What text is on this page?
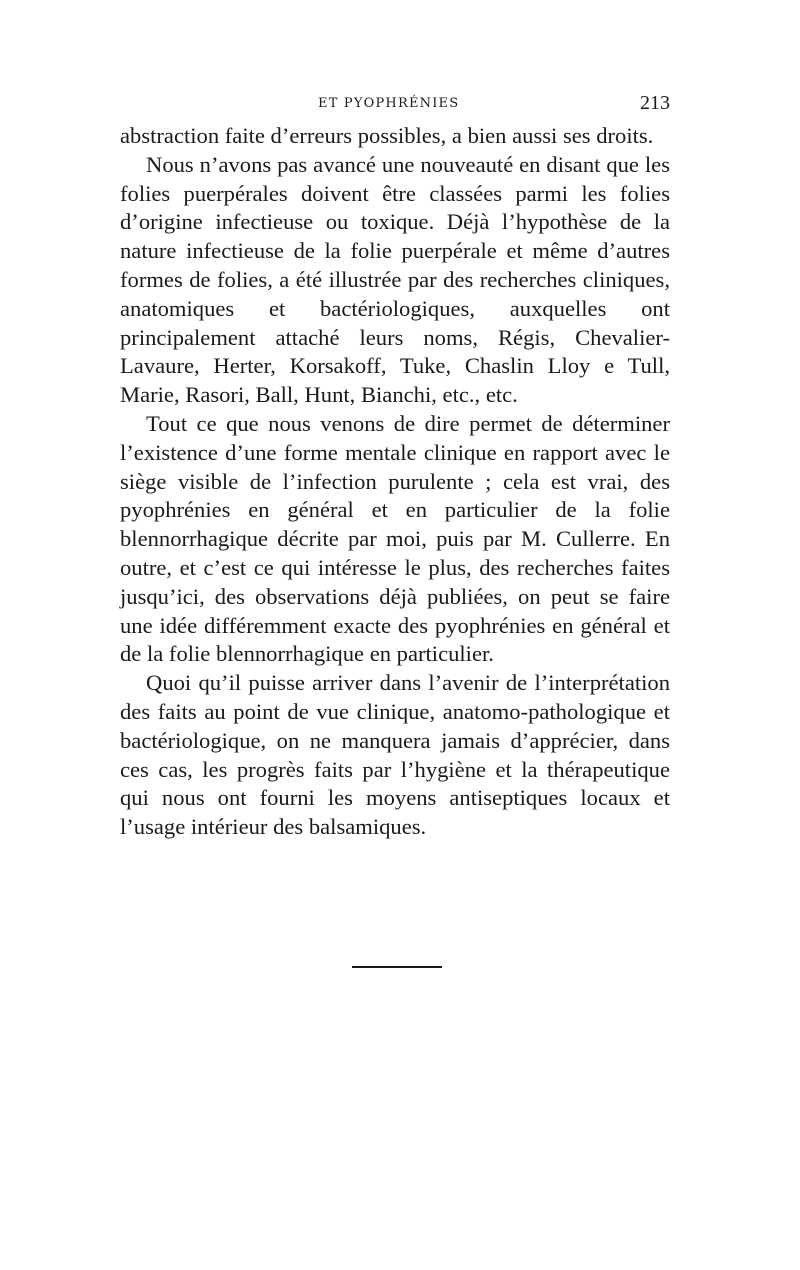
ET PYOPHRÉNIES	213

abstraction faite d’erreurs possibles, a bien aussi ses droits.

Nous n’avons pas avancé une nouveauté en disant que les folies puerpérales doivent être classées parmi les folies d’origine infectieuse ou toxique. Déjà l’hypothèse de la nature infectieuse de la folie puerpérale et même d’autres formes de folies, a été illustrée par des recherches cliniques, anatomiques et bactériologiques, auxquelles ont principalement attaché leurs noms, Régis, Chevalier-Lavaure, Herter, Korsakoff, Tuke, Chaslin Lloy e Tull, Marie, Rasori, Ball, Hunt, Bianchi, etc., etc.

Tout ce que nous venons de dire permet de déterminer l’existence d’une forme mentale clinique en rapport avec le siège visible de l’infection purulente ; cela est vrai, des pyophrénies en général et en particulier de la folie blennorrhagique décrite par moi, puis par M. Cullerre. En outre, et c’est ce qui intéresse le plus, des recherches faites jusqu’ici, des observations déjà publiées, on peut se faire une idée différemment exacte des pyophrénies en général et de la folie blennorrhagique en particulier.

Quoi qu’il puisse arriver dans l’avenir de l’interprétation des faits au point de vue clinique, anatomo-pathologique et bactériologique, on ne manquera jamais d’apprécier, dans ces cas, les progrès faits par l’hygiène et la thérapeutique qui nous ont fourni les moyens antiseptiques locaux et l’usage intérieur des balsamiques.
